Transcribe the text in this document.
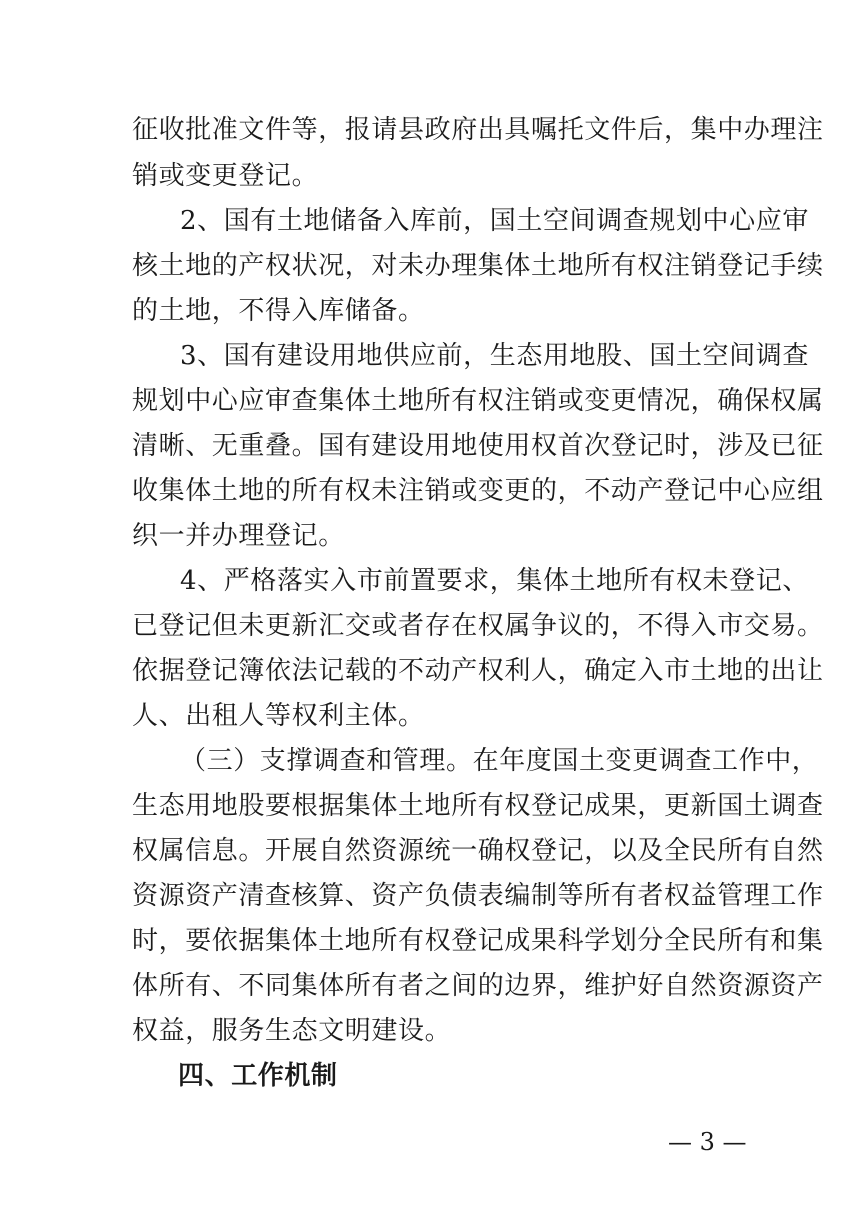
征收批准文件等，报请县政府出具嘱托文件后，集中办理注
销或变更登记。
2、国有土地储备入库前，国土空间调查规划中心应审
核土地的产权状况，对未办理集体土地所有权注销登记手续
的土地，不得入库储备。
3、国有建设用地供应前，生态用地股、国土空间调查
规划中心应审查集体土地所有权注销或变更情况，确保权属
清晰、无重叠。国有建设用地使用权首次登记时，涉及已征
收集体土地的所有权未注销或变更的，不动产登记中心应组
织一并办理登记。
4、严格落实入市前置要求，集体土地所有权未登记、
已登记但未更新汇交或者存在权属争议的，不得入市交易。
依据登记簿依法记载的不动产权利人，确定入市土地的出让
人、出租人等权利主体。
（三）支撑调查和管理。在年度国土变更调查工作中，
生态用地股要根据集体土地所有权登记成果，更新国土调查
权属信息。开展自然资源统一确权登记，以及全民所有自然
资源资产清查核算、资产负债表编制等所有者权益管理工作
时，要依据集体土地所有权登记成果科学划分全民所有和集
体所有、不同集体所有者之间的边界，维护好自然资源资产
权益，服务生态文明建设。
四、工作机制
— 3 —
